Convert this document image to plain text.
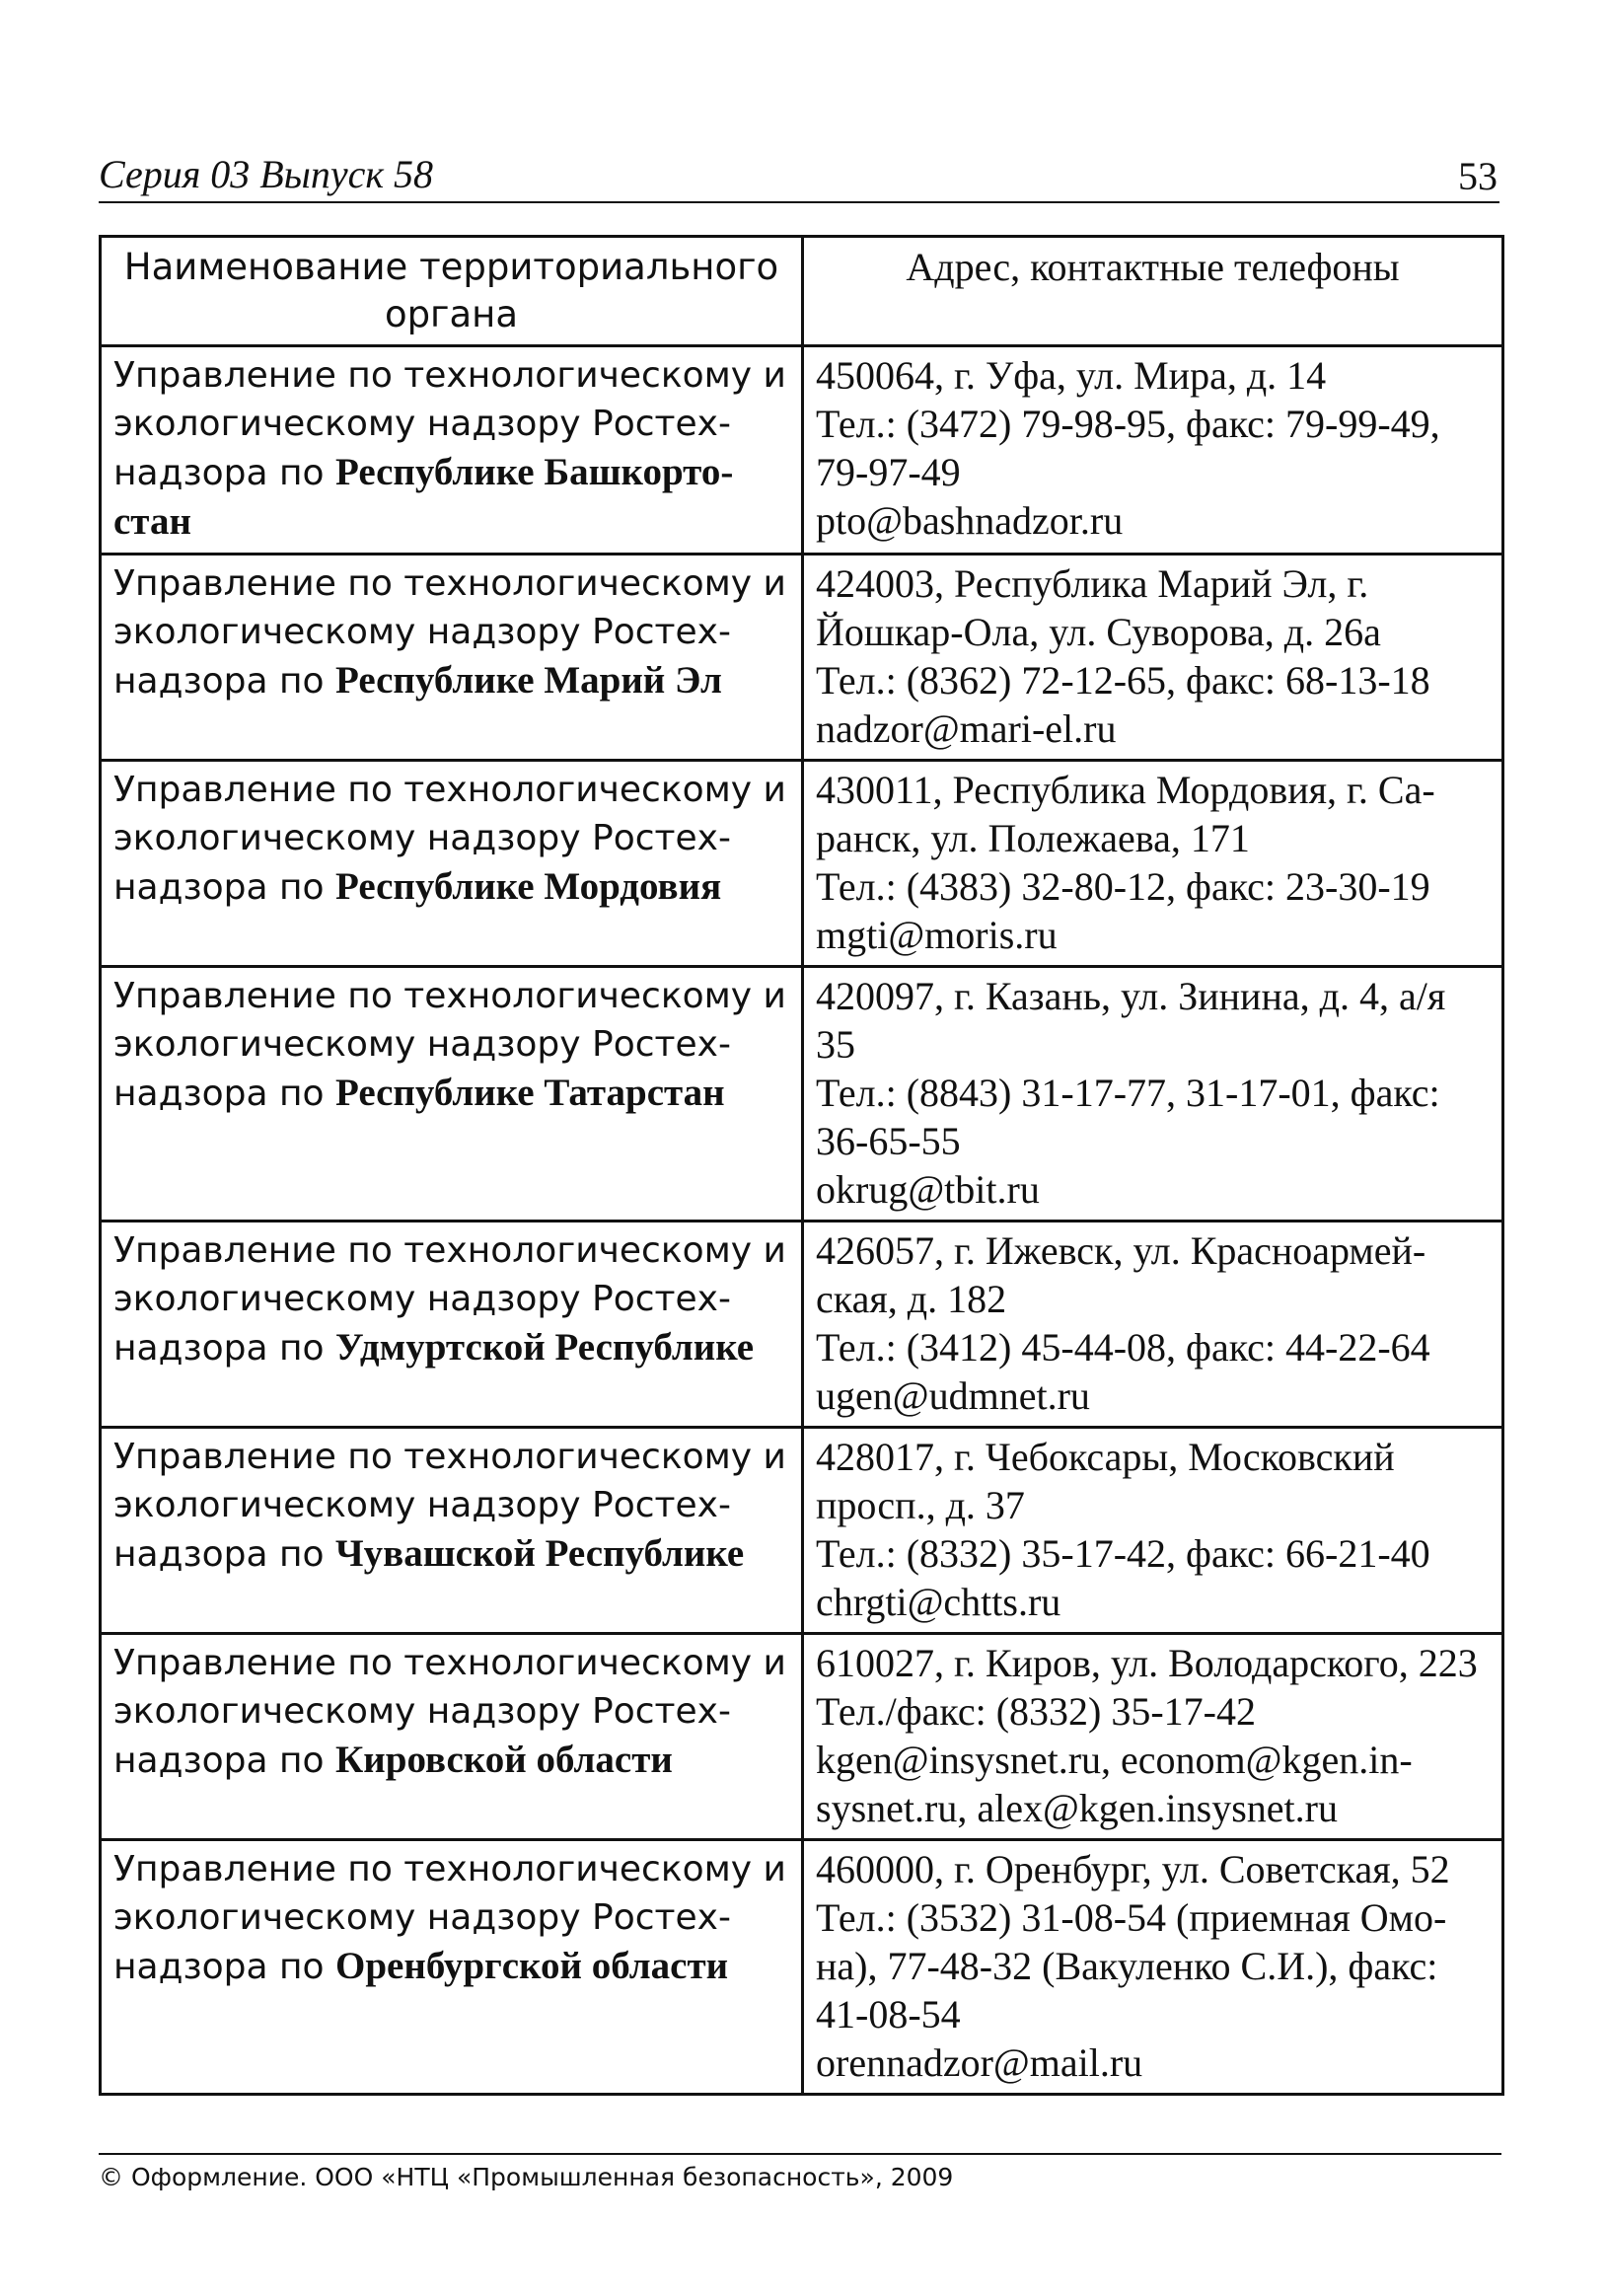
Серия 03 Выпуск 58	53
Наименование территориального органа	Адрес, контактные телефоны
Управление по технологическому и экологическому надзору Ростех-надзора по Республике Башкорто-стан	450064, г. Уфа, ул. Мира, д. 14
Тел.: (3472) 79-98-95, факс: 79-99-49, 79-97-49
pto@bashnadzor.ru

Управление по технологическому и экологическому надзору Ростех-надзора по Республике Марий Эл	424003, Республика Марий Эл, г. Йошкар-Ола, ул. Суворова, д. 26а
Тел.: (8362) 72-12-65, факс: 68-13-18
nadzor@mari-el.ru

Управление по технологическому и экологическому надзору Ростех-надзора по Республике Мордовия	430011, Республика Мордовия, г. Са-ранск, ул. Полежаева, 171
Тел.: (4383) 32-80-12, факс: 23-30-19
mgti@moris.ru

Управление по технологическому и экологическому надзору Ростех-надзора по Республике Татарстан	420097, г. Казань, ул. Зинина, д. 4, а/я 35
Тел.: (8843) 31-17-77, 31-17-01, факс: 36-65-55
okrug@tbit.ru

Управление по технологическому и экологическому надзору Ростех-надзора по Удмуртской Республике	426057, г. Ижевск, ул. Красноармей-ская, д. 182
Тел.: (3412) 45-44-08, факс: 44-22-64
ugen@udmnet.ru

Управление по технологическому и экологическому надзору Ростех-надзора по Чувашской Республике	428017, г. Чебоксары, Московский просп., д. 37
Тел.: (8332) 35-17-42, факс: 66-21-40
chrgti@chtts.ru

Управление по технологическому и экологическому надзору Ростех-надзора по Кировской области	610027, г. Киров, ул. Володарского, 223
Тел./факс: (8332) 35-17-42
kgen@insysnet.ru, econom@kgen.in-sysnet.ru, alex@kgen.insysnet.ru

Управление по технологическому и экологическому надзору Ростех-надзора по Оренбургской области	460000, г. Оренбург, ул. Советская, 52
Тел.: (3532) 31-08-54 (приемная Омо-на), 77-48-32 (Вакуленко С.И.), факс: 41-08-54
orennadzor@mail.ru
© Оформление. ООО «НТЦ «Промышленная безопасность», 2009
